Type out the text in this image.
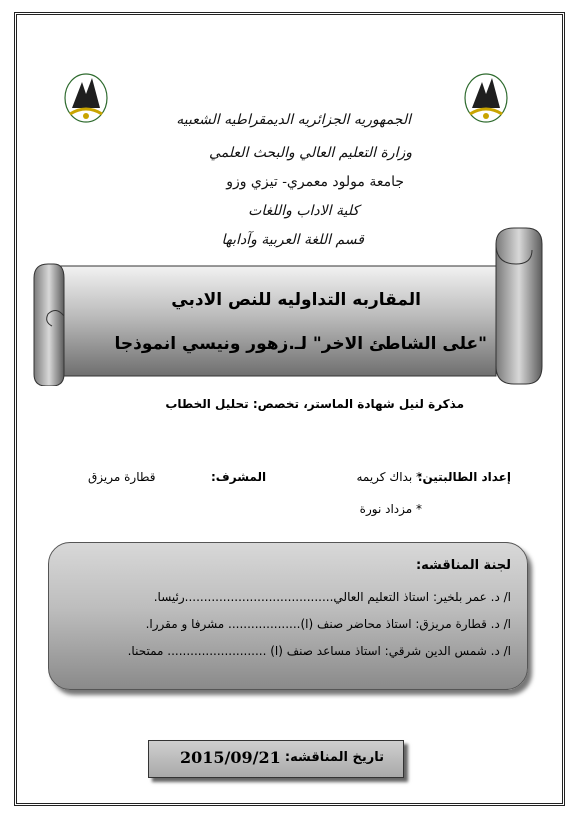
الجمهوريه الجزائريه الديمقراطيه الشعبيه
وزارة التعليم العالي والبحث العلمي
جامعة مولود معمري- تيزي وزو
كلية الاداب واللغات
قسم اللغة العربية وآدابها
المقاربه التداوليه للنص الادبي
"على الشاطئ الاخر" لـ.زهور ونيسي انموذجا
مذكرة لنيل شهادة الماستر، تخصص: تحليل الخطاب
إعداد الطالبتين:
* بداك كريمه
* مزداد نورة
المشرف:
قطارة مريزق
لجنة المناقشه:
ا/ د. عمر بلخير: استاذ التعليم العالي.......................................رئيسا.
ا/ د. قطارة مريزق: استاذ محاضر صنف (ا)................... مشرفا و مقررا.
ا/ د. شمس الدين شرقي: استاذ مساعد صنف (ا) .......................... ممتحنا.
تاريخ المناقشه:
2015/09/21
